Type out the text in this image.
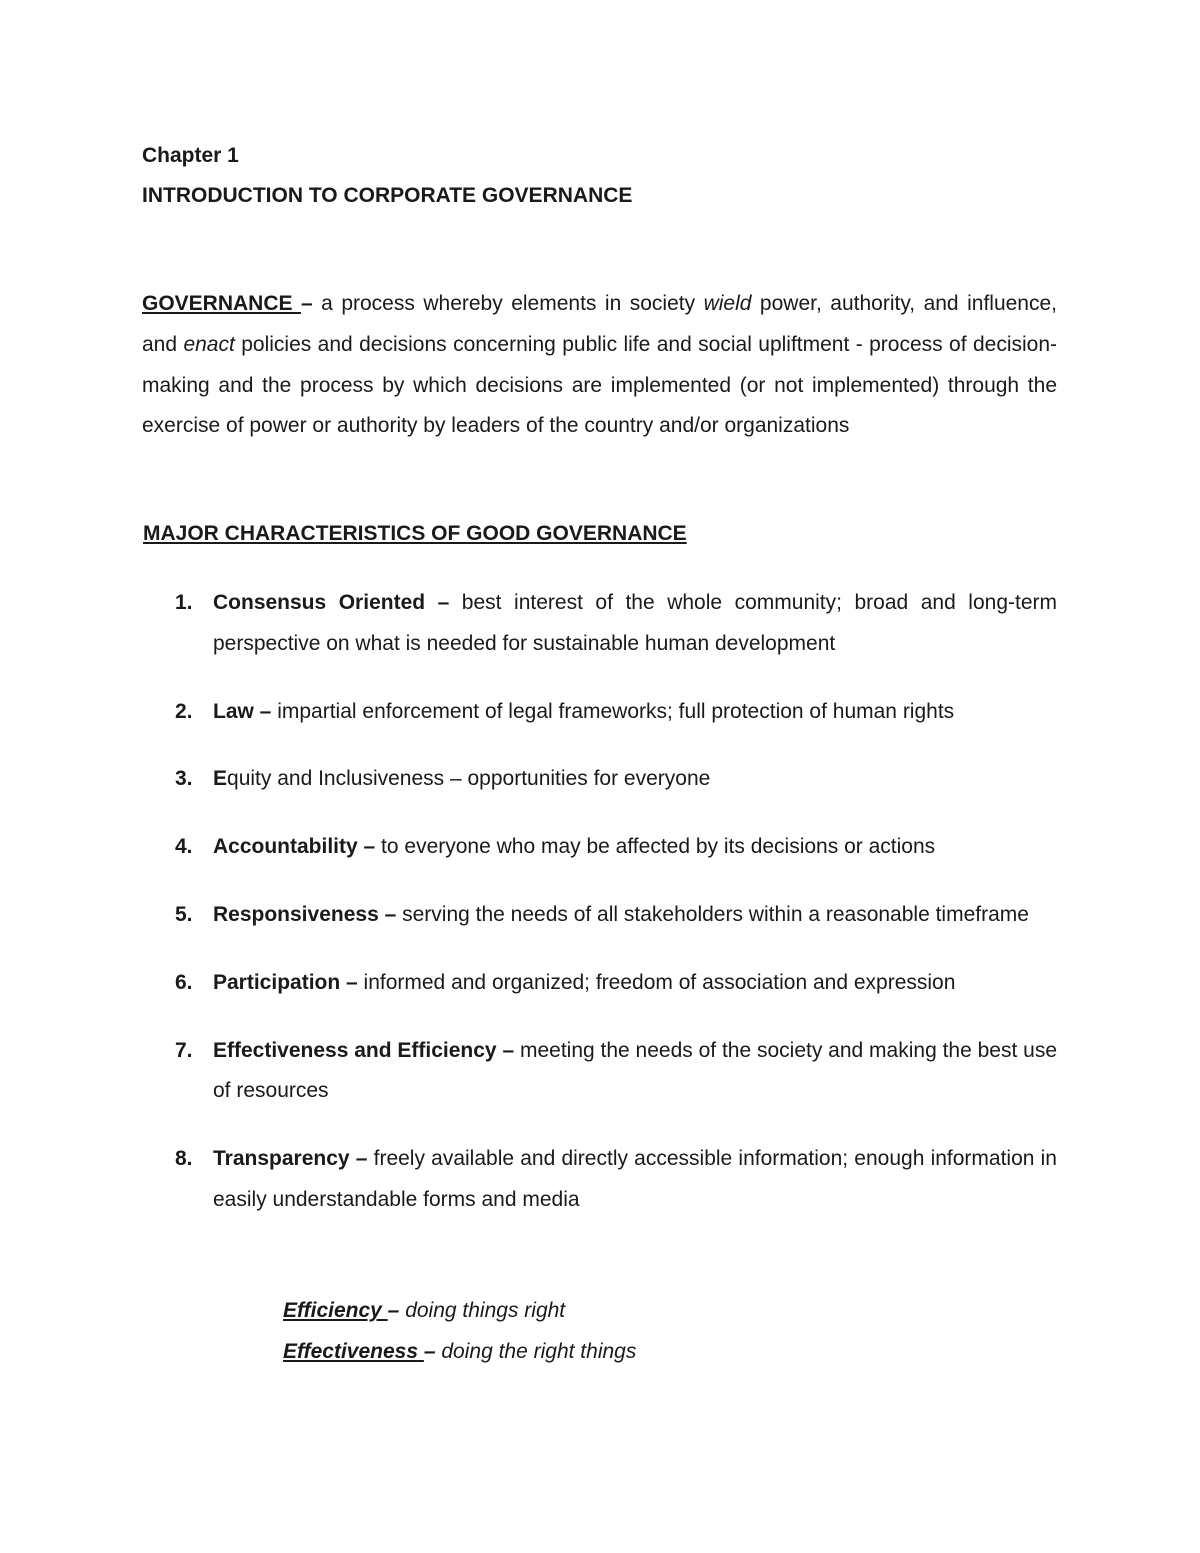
Chapter 1
INTRODUCTION TO CORPORATE GOVERNANCE

GOVERNANCE – a process whereby elements in society wield power, authority, and influence, and enact policies and decisions concerning public life and social upliftment - process of decision-making and the process by which decisions are implemented (or not implemented) through the exercise of power or authority by leaders of the country and/or organizations

MAJOR CHARACTERISTICS OF GOOD GOVERNANCE
1. Consensus Oriented – best interest of the whole community; broad and long-term perspective on what is needed for sustainable human development
2. Law – impartial enforcement of legal frameworks; full protection of human rights
3. Equity and Inclusiveness – opportunities for everyone
4. Accountability – to everyone who may be affected by its decisions or actions
5. Responsiveness – serving the needs of all stakeholders within a reasonable timeframe
6. Participation – informed and organized; freedom of association and expression
7. Effectiveness and Efficiency – meeting the needs of the society and making the best use of resources
8. Transparency – freely available and directly accessible information; enough information in easily understandable forms and media
Efficiency – doing things right
Effectiveness – doing the right things
